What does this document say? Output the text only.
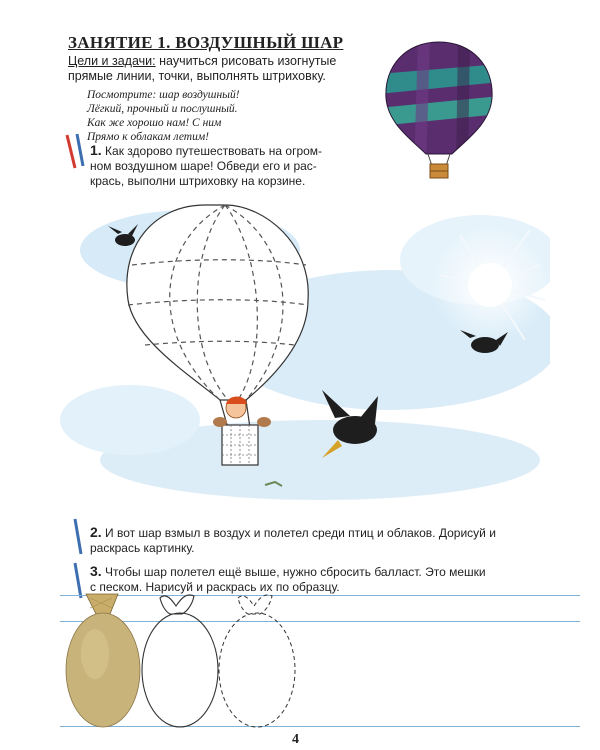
ЗАНЯТИЕ 1. ВОЗДУШНЫЙ ШАР
Цели и задачи: научиться рисовать изогнутые
прямые линии, точки, выполнять штриховку.
Посмотрите: шар воздушный!
Лёгкий, прочный и послушный.
Как же хорошо нам! С ним
Прямо к облакам летим!
1. Как здорово путешествовать на огром-
ном воздушном шаре! Обведи его и рас-
крась, выполни штриховку на корзине.
2. И вот шар взмыл в воздух и полетел среди птиц и облаков. Дорисуй и
раскрась картинку.
3. Чтобы шар полетел ещё выше, нужно сбросить балласт. Это мешки
с песком. Нарисуй и раскрась их по образцу.
4
